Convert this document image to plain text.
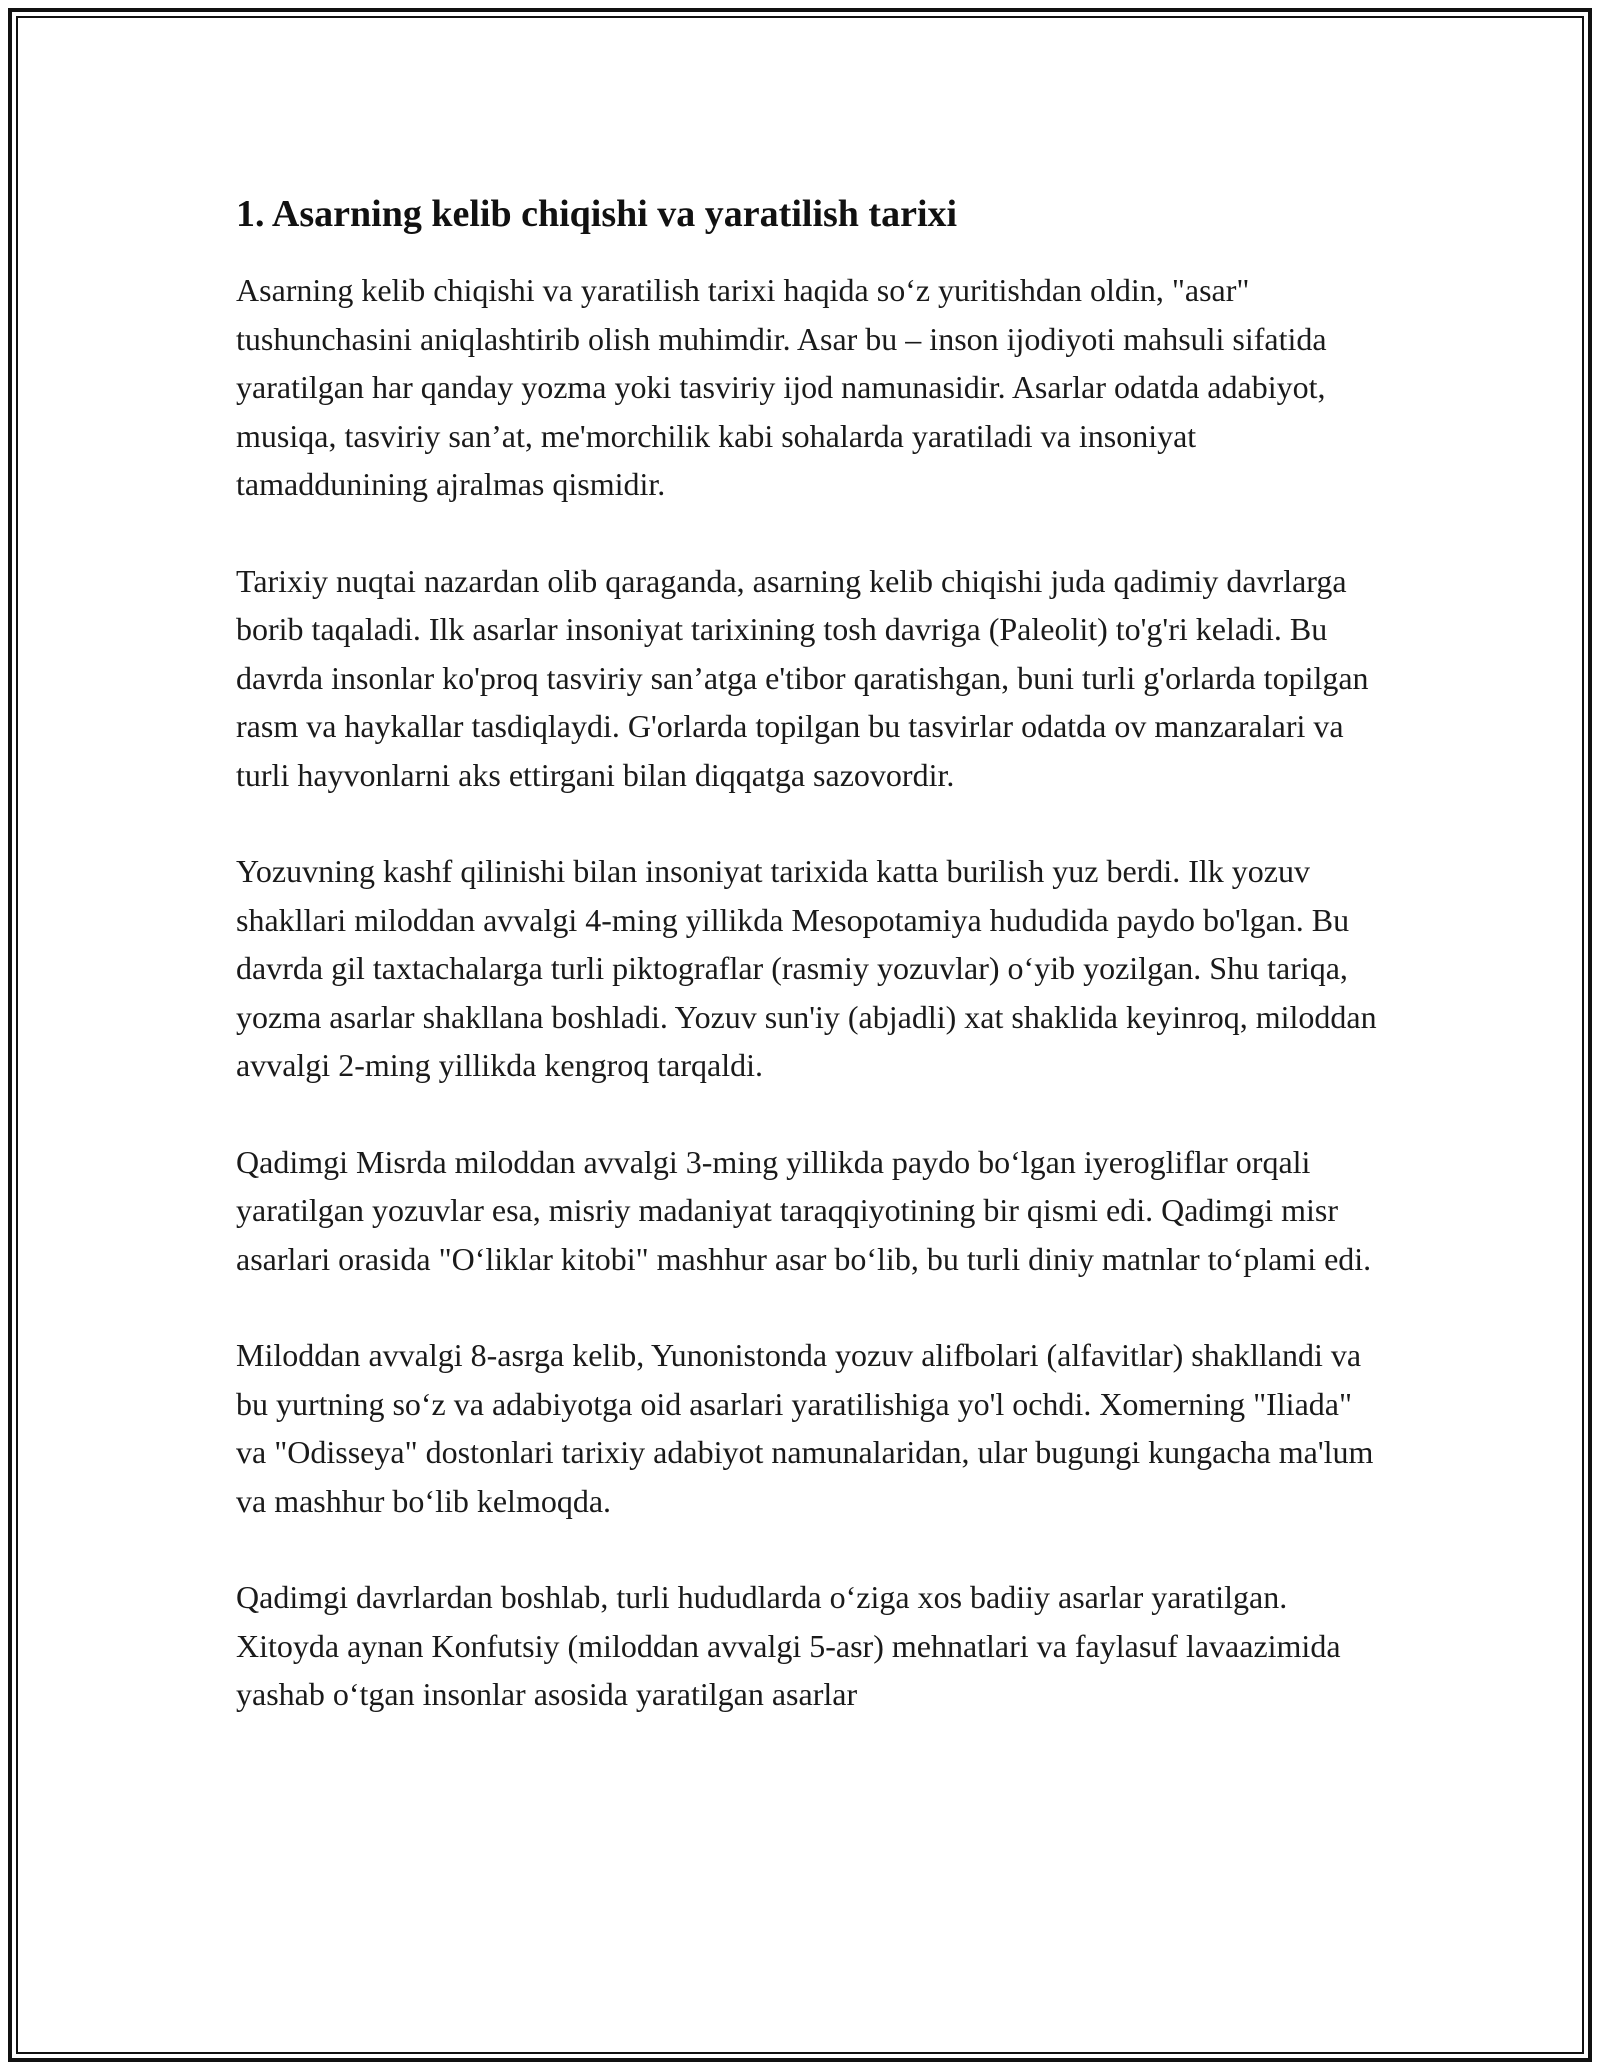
1. Asarning kelib chiqishi va yaratilish tarixi

Asarning kelib chiqishi va yaratilish tarixi haqida so‘z yuritishdan oldin, "asar" tushunchasini aniqlashtirib olish muhimdir. Asar bu – inson ijodiyoti mahsuli sifatida yaratilgan har qanday yozma yoki tasviriy ijod namunasidir. Asarlar odatda adabiyot, musiqa, tasviriy san’at, me'morchilik kabi sohalarda yaratiladi va insoniyat tamaddunining ajralmas qismidir.

Tarixiy nuqtai nazardan olib qaraganda, asarning kelib chiqishi juda qadimiy davrlarga borib taqaladi. Ilk asarlar insoniyat tarixining tosh davriga (Paleolit) to'g'ri keladi. Bu davrda insonlar ko'proq tasviriy san’atga e'tibor qaratishgan, buni turli g'orlarda topilgan rasm va haykallar tasdiqlaydi. G'orlarda topilgan bu tasvirlar odatda ov manzaralari va turli hayvonlarni aks ettirgani bilan diqqatga sazovordir.

Yozuvning kashf qilinishi bilan insoniyat tarixida katta burilish yuz berdi. Ilk yozuv shakllari miloddan avvalgi 4-ming yillikda Mesopotamiya hududida paydo bo'lgan. Bu davrda gil taxtachalarga turli piktograflar (rasmiy yozuvlar) o‘yib yozilgan. Shu tariqa, yozma asarlar shakllana boshladi. Yozuv sun'iy (abjadli) xat shaklida keyinroq, miloddan avvalgi 2-ming yillikda kengroq tarqaldi.

Qadimgi Misrda miloddan avvalgi 3-ming yillikda paydo bo‘lgan iyerogliflar orqali yaratilgan yozuvlar esa, misriy madaniyat taraqqiyotining bir qismi edi. Qadimgi misr asarlari orasida "O‘liklar kitobi" mashhur asar bo‘lib, bu turli diniy matnlar to‘plami edi.

Miloddan avvalgi 8-asrga kelib, Yunonistonda yozuv alifbolari (alfavitlar) shakllandi va bu yurtning so‘z va adabiyotga oid asarlari yaratilishiga yo'l ochdi. Xomerning "Iliada" va "Odisseya" dostonlari tarixiy adabiyot namunalaridan, ular bugungi kungacha ma'lum va mashhur bo‘lib kelmoqda.

Qadimgi davrlardan boshlab, turli hududlarda o‘ziga xos badiiy asarlar yaratilgan. Xitoyda aynan Konfutsiy (miloddan avvalgi 5-asr) mehnatlari va faylasuf lavaazimida yashab o‘tgan insonlar asosida yaratilgan asarlar
